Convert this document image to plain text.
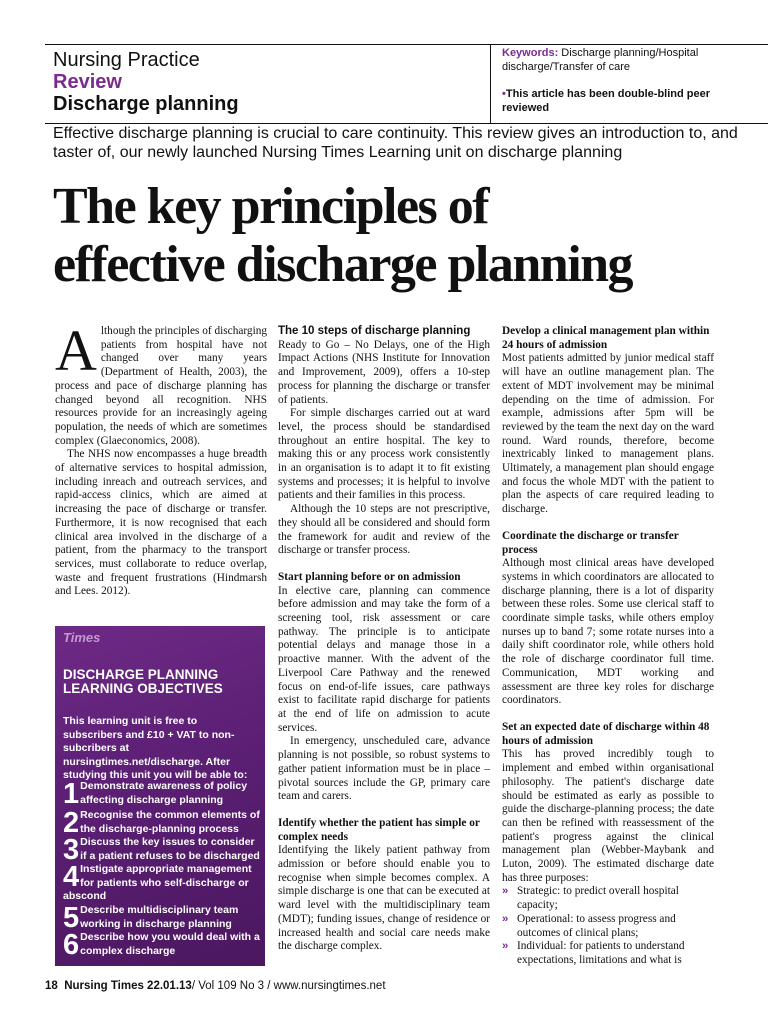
Nursing Practice
Review
Discharge planning
Keywords: Discharge planning/Hospital discharge/Transfer of care
•This article has been double-blind peer reviewed
Effective discharge planning is crucial to care continuity. This review gives an introduction to, and taster of, our newly launched Nursing Times Learning unit on discharge planning
The key principles of
effective discharge planning

Although the principles of discharging patients from hospital have not changed over many years (Department of Health, 2003), the process and pace of discharge planning has changed beyond all recognition. NHS resources provide for an increasingly ageing population, the needs of which are sometimes complex (Glaeconomics, 2008).

The NHS now encompasses a huge breadth of alternative services to hospital admission, including inreach and outreach services, and rapid-access clinics, which are aimed at increasing the pace of discharge or transfer. Furthermore, it is now recognised that each clinical area involved in the discharge of a patient, from the pharmacy to the transport services, must collaborate to reduce overlap, waste and frequent frustrations (Hindmarsh and Lees. 2012).

Times
DISCHARGE PLANNING LEARNING OBJECTIVES
This learning unit is free to subscribers and £10 + VAT to non-subcribers at nursingtimes.net/discharge. After studying this unit you will be able to:
1 Demonstrate awareness of policy affecting discharge planning
2 Recognise the common elements of the discharge-planning process
3 Discuss the key issues to consider if a patient refuses to be discharged
4 Instigate appropriate management for patients who self-discharge or abscond
5 Describe multidisciplinary team working in discharge planning
6 Describe how you would deal with a complex discharge
The 10 steps of discharge planning

Ready to Go – No Delays, one of the High Impact Actions (NHS Institute for Innovation and Improvement, 2009), offers a 10-step process for planning the discharge or transfer of patients.

For simple discharges carried out at ward level, the process should be standardised throughout an entire hospital. The key to making this or any process work consistently in an organisation is to adapt it to fit existing systems and processes; it is helpful to involve patients and their families in this process.

Although the 10 steps are not prescriptive, they should all be considered and should form the framework for audit and review of the discharge or transfer process.

Start planning before or on admission

In elective care, planning can commence before admission and may take the form of a screening tool, risk assessment or care pathway. The principle is to anticipate potential delays and manage those in a proactive manner. With the advent of the Liverpool Care Pathway and the renewed focus on end-of-life issues, care pathways exist to facilitate rapid discharge for patients at the end of life on admission to acute services.

In emergency, unscheduled care, advance planning is not possible, so robust systems to gather patient information must be in place – pivotal sources include the GP, primary care team and carers.

Identify whether the patient has simple or complex needs

Identifying the likely patient pathway from admission or before should enable you to recognise when simple becomes complex. A simple discharge is one that can be executed at ward level with the multidisciplinary team (MDT); funding issues, change of residence or increased health and social care needs make the discharge complex.

Develop a clinical management plan within 24 hours of admission

Most patients admitted by junior medical staff will have an outline management plan. The extent of MDT involvement may be minimal depending on the time of admission. For example, admissions after 5pm will be reviewed by the team the next day on the ward round. Ward rounds, therefore, become inextricably linked to management plans. Ultimately, a management plan should engage and focus the whole MDT with the patient to plan the aspects of care required leading to discharge.

Coordinate the discharge or transfer process

Although most clinical areas have developed systems in which coordinators are allocated to discharge planning, there is a lot of disparity between these roles. Some use clerical staff to coordinate simple tasks, while others employ nurses up to band 7; some rotate nurses into a daily shift coordinator role, while others hold the role of discharge coordinator full time. Communication, MDT working and assessment are three key roles for discharge coordinators.

Set an expected date of discharge within 48 hours of admission

This has proved incredibly tough to implement and embed within organisational philosophy. The patient's discharge date should be estimated as early as possible to guide the discharge-planning process; the date can then be refined with reassessment of the patient's progress against the clinical management plan (Webber-Maybank and Luton, 2009). The estimated discharge date has three purposes:

» Strategic: to predict overall hospital capacity;
» Operational: to assess progress and outcomes of clinical plans;
» Individual: for patients to understand expectations, limitations and what is
18 Nursing Times 22.01.13/ Vol 109 No 3 / www.nursingtimes.net
